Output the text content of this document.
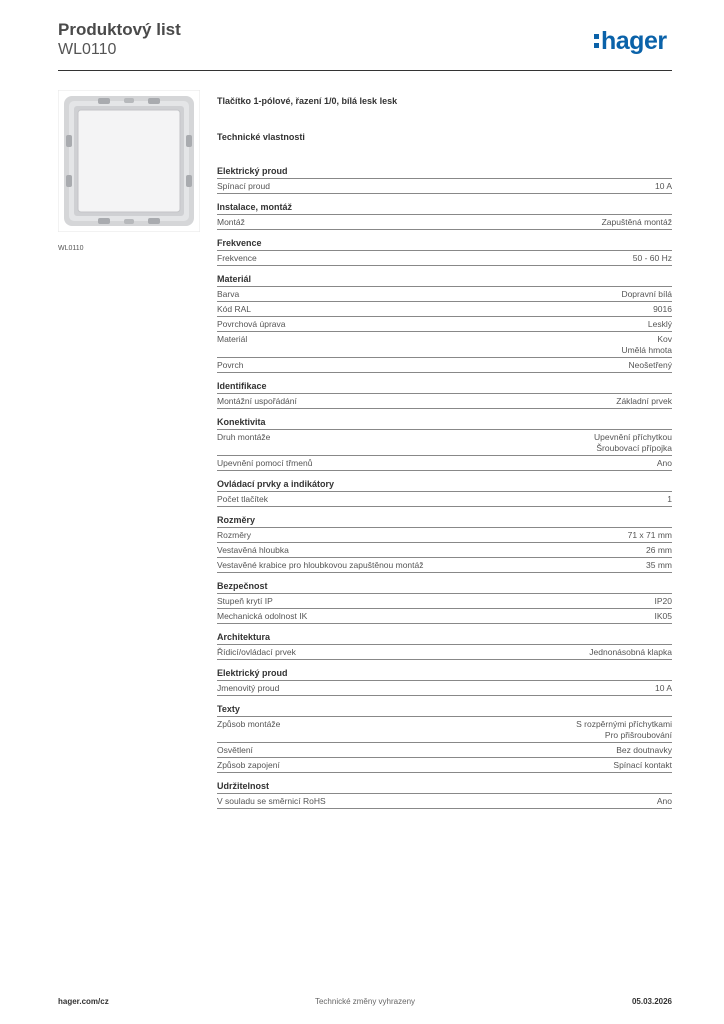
Produktový list
WL0110	hager
WL0110
Tlačítko 1-pólové, řazení 1/0, bílá lesk lesk
Technické vlastnosti
Elektrický proud
Spínací proud	10 A
Instalace, montáž
Montáž	Zapuštěná montáž
Frekvence
Frekvence	50 - 60 Hz
Materiál
Barva	Dopravní bílá
Kód RAL	9016
Povrchová úprava	Lesklý
Materiál	Kov
Umělá hmota
Povrch	Neošetřený
Identifikace
Montážní uspořádání	Základní prvek
Konektivita
Druh montáže	Upevnění příchytkou
Šroubovací přípojka
Upevnění pomocí třmenů	Ano
Ovládací prvky a indikátory
Počet tlačítek	1
Rozměry
Rozměry	71 x 71 mm
Vestavěná hloubka	26 mm
Vestavěné krabice pro hloubkovou zapuštěnou montáž	35 mm
Bezpečnost
Stupeň krytí IP	IP20
Mechanická odolnost IK	IK05
Architektura
Řídicí/ovládací prvek	Jednonásobná klapka
Elektrický proud
Jmenovitý proud	10 A
Texty
Způsob montáže	S rozpěrnými příchytkami
Pro přišroubování
Osvětlení	Bez doutnavky
Způsob zapojení	Spínací kontakt
Udržitelnost
V souladu se směrnicí RoHS	Ano
hager.com/cz	Technické změny vyhrazeny	05.03.2026
